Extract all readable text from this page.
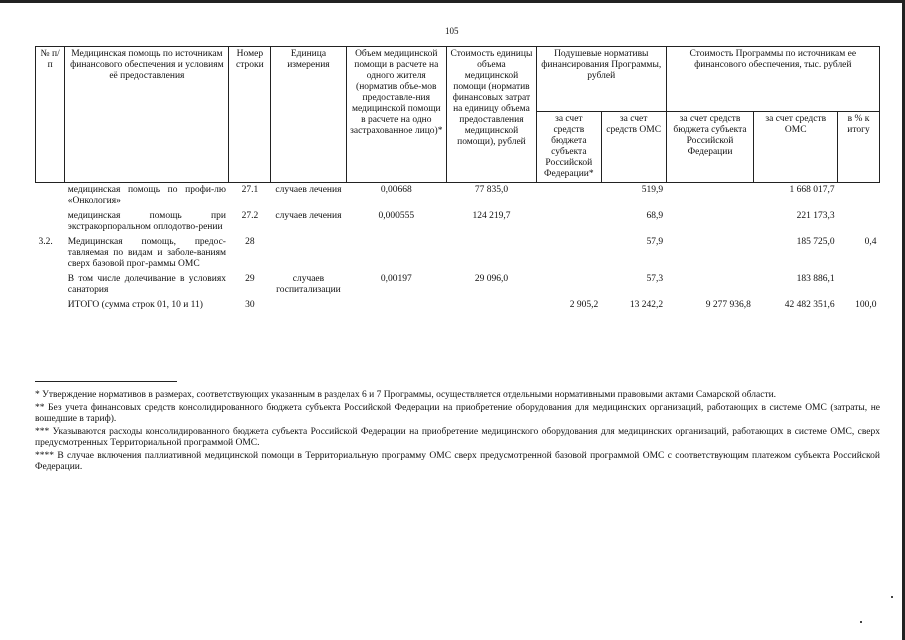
105
№ п/п	Медицинская помощь по источникам финансового обеспечения и условиям её предоставления	Номер строки	Единица измерения	Объем медицинской помощи в расчете на одного жителя (норматив объе-мов предоставле-ния медицинской помощи в расчете на одно застрахованное лицо)*	Стоимость единицы объема медицинской помощи (норматив финансовых затрат на единицу объема предоставления медицинской помощи), рублей	Подушевые нормативы финансирования Программы, рублей		Стоимость Программы по источникам ее финансового обеспечения, тыс. рублей		
						за счет средств бюджета субъекта Российской Федерации*	за счет средств ОМС	за счет средств бюджета субъекта Российской Федерации	за счет средств ОМС	в % к итогу
	медицинская помощь по профи-лю «Онкология»	27.1	случаев лечения	0,00668	77 835,0		519,9		1 668 017,7	
	медицинская помощь при экстракорпоральном оплодотво-рении	27.2	случаев лечения	0,000555	124 219,7		68,9		221 173,3	
3.2.	Медицинская помощь, предос-тавляемая по видам и заболе-ваниям сверх базовой прог-раммы ОМС	28					57,9		185 725,0	0,4
	В том числе долечивание в условиях санатория	29	случаев госпитализации	0,00197	29 096,0		57,3		183 886,1	
	ИТОГО (сумма строк 01, 10 и 11)	30				2 905,2	13 242,2	9 277 936,8	42 482 351,6	100,0

* Утверждение нормативов в размерах, соответствующих указанным в разделах 6 и 7 Программы, осуществляется отдельными нормативными правовыми актами Самарской области.

** Без учета финансовых средств консолидированного бюджета субъекта Российской Федерации на приобретение оборудования для медицинских организаций, работающих в системе ОМС (затраты, не вошедшие в тариф).

*** Указываются расходы консолидированного бюджета субъекта Российской Федерации на приобретение медицинского оборудования для медицинских организаций, работающих в системе ОМС, сверх предусмотренных Территориальной программой ОМС.

**** В случае включения паллиативной медицинской помощи в Территориальную программу ОМС сверх предусмотренной базовой программой ОМС с соответствующим платежом субъекта Российской Федерации.
